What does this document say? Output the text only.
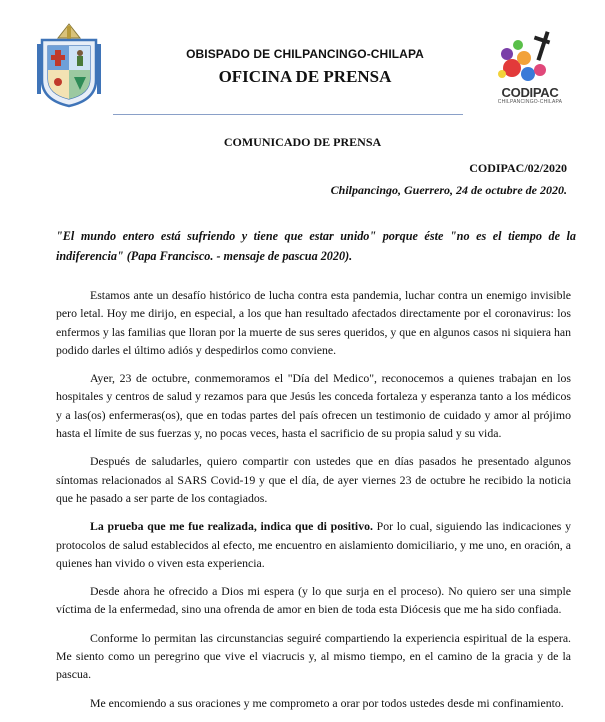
OBISPADO DE CHILPANCINGO-CHILAPA
OFICINA DE PRENSA
CODIPAC
CHILPANCINGO-CHILAPA
COMUNICADO DE PRENSA
CODIPAC/02/2020
Chilpancingo, Guerrero, 24 de octubre de 2020.
"El mundo entero está sufriendo y tiene que estar unido" porque éste "no es el tiempo de la indiferencia" (Papa Francisco. - mensaje de pascua 2020).

Estamos ante un desafío histórico de lucha contra esta pandemia, luchar contra un enemigo invisible pero letal. Hoy me dirijo, en especial, a los que han resultado afectados directamente por el coronavirus: los enfermos y las familias que lloran por la muerte de sus seres queridos, y que en algunos casos ni siquiera han podido darles el último adiós y despedirlos como conviene.

Ayer, 23 de octubre, conmemoramos el "Día del Medico", reconocemos a quienes trabajan en los hospitales y centros de salud y rezamos para que Jesús les conceda fortaleza y esperanza tanto a los médicos y a las(os) enfermeras(os), que en todas partes del país ofrecen un testimonio de cuidado y amor al prójimo hasta el límite de sus fuerzas y, no pocas veces, hasta el sacrificio de su propia salud y su vida.

Después de saludarles, quiero compartir con ustedes que en días pasados he presentado algunos síntomas relacionados al SARS Covid-19 y que el día, de ayer viernes 23 de octubre he recibido la noticia que he pasado a ser parte de los contagiados.

La prueba que me fue realizada, indica que di positivo. Por lo cual, siguiendo las indicaciones y protocolos de salud establecidos al efecto, me encuentro en aislamiento domiciliario, y me uno, en oración, a quienes han vivido o viven esta experiencia.

Desde ahora he ofrecido a Dios mi espera (y lo que surja en el proceso). No quiero ser una simple víctima de la enfermedad, sino una ofrenda de amor en bien de toda esta Diócesis que me ha sido confiada.

Conforme lo permitan las circunstancias seguiré compartiendo la experiencia espiritual de la espera. Me siento como un peregrino que vive el viacrucis y, al mismo tiempo, en el camino de la gracia y de la pascua.

Me encomiendo a sus oraciones y me comprometo a orar por todos ustedes desde mi confinamiento.
